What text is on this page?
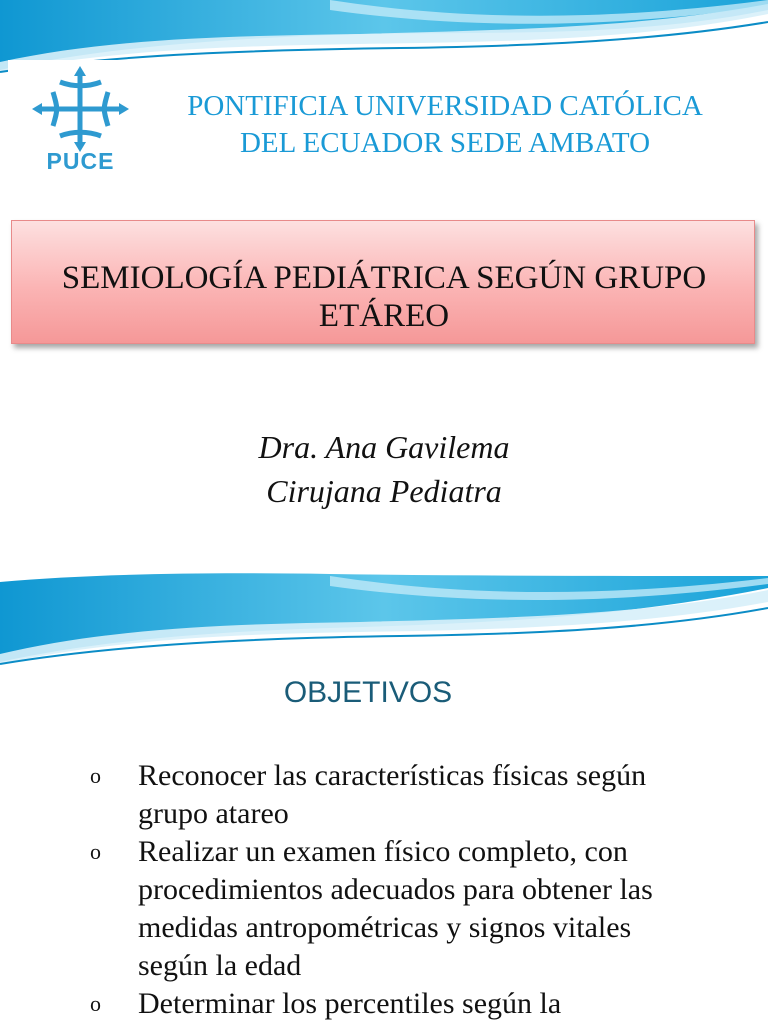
PUCE
PONTIFICIA UNIVERSIDAD CATÓLICA
DEL ECUADOR SEDE AMBATO
SEMIOLOGÍA PEDIÁTRICA SEGÚN GRUPO
ETÁREO
Dra. Ana Gavilema
Cirujana Pediatra
OBJETIVOS
o Reconocer las características físicas según grupo atareo
o Realizar un examen físico completo, con procedimientos adecuados para obtener las medidas antropométricas y signos vitales según la edad
o Determinar los percentiles según la
